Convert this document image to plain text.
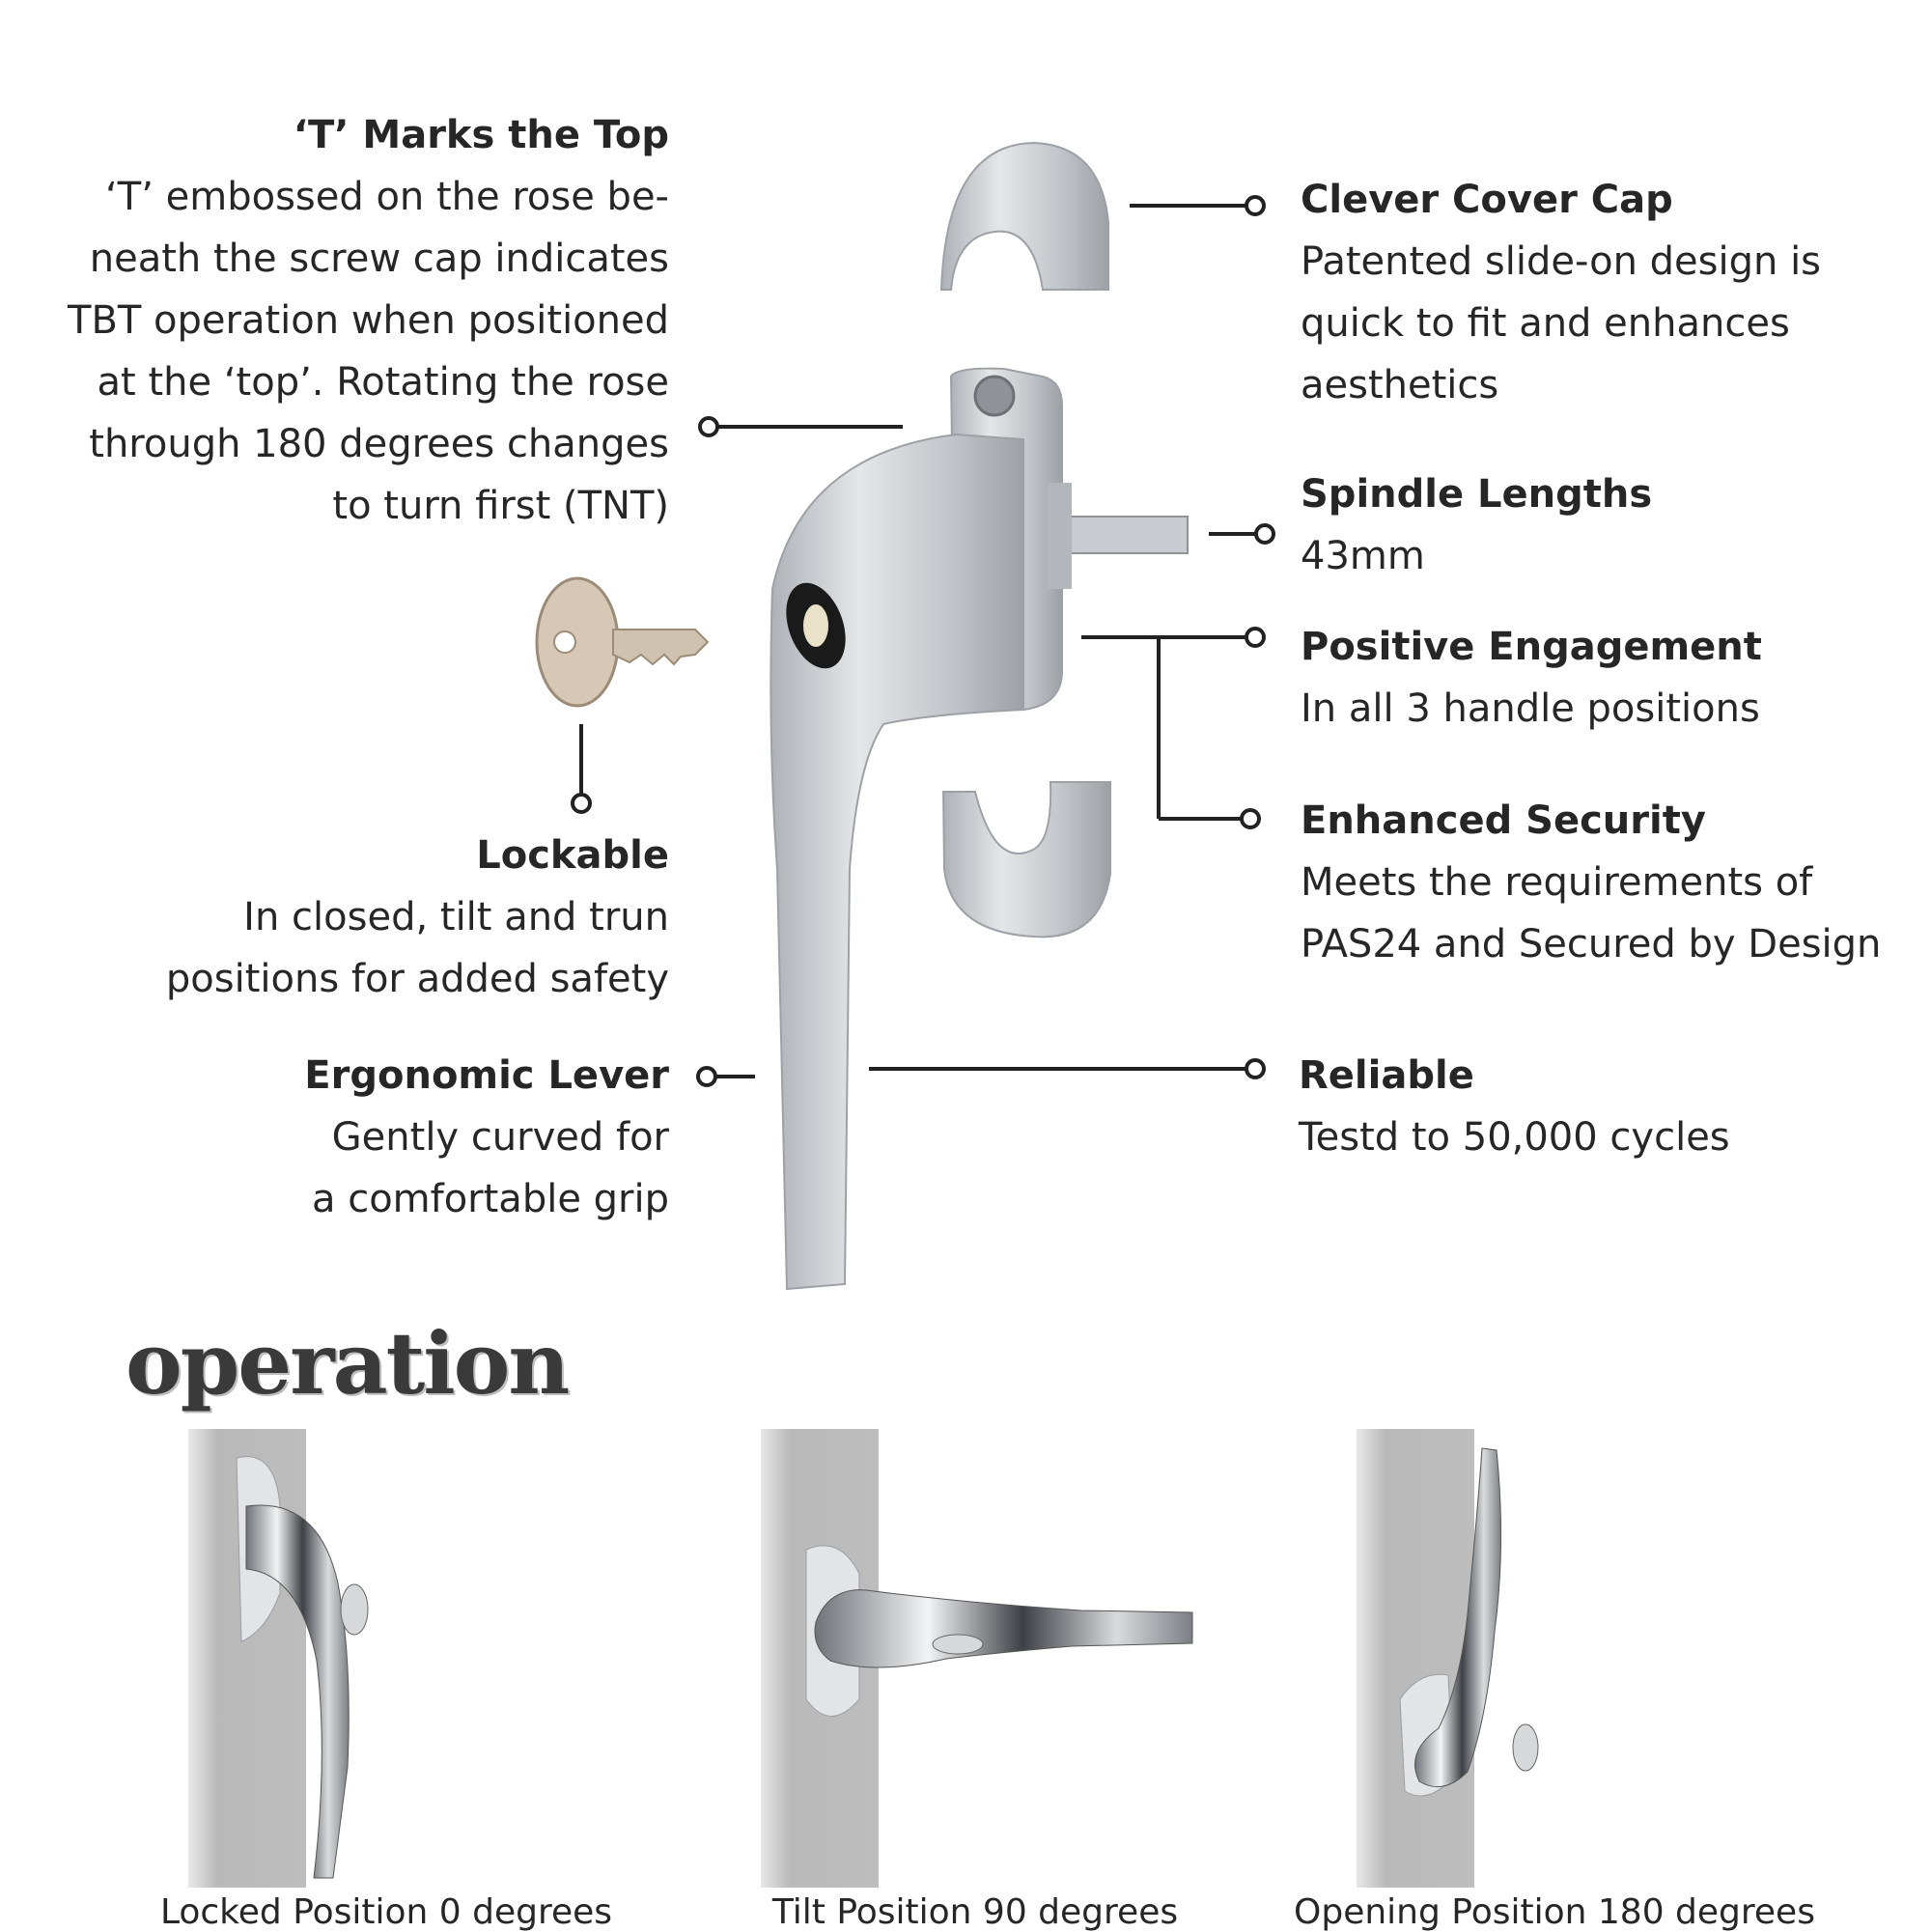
‘T’ Marks the Top
‘T’ embossed on the rose be-
neath the screw cap indicates
TBT operation when positioned
at the ‘top’. Rotating the rose
through 180 degrees changes
to turn first (TNT)
Lockable
In closed, tilt and trun
positions for added safety
Ergonomic Lever
Gently curved for
a comfortable grip
Clever Cover Cap
Patented slide-on design is
quick to fit and enhances
aesthetics
Spindle Lengths
43mm
Positive Engagement
In all 3 handle positions
Enhanced Security
Meets the requirements of
PAS24 and Secured by Design
Reliable
Testd to 50,000 cycles
operation
Locked Position 0 degrees	Tilt Position 90 degrees	Opening Position 180 degrees
